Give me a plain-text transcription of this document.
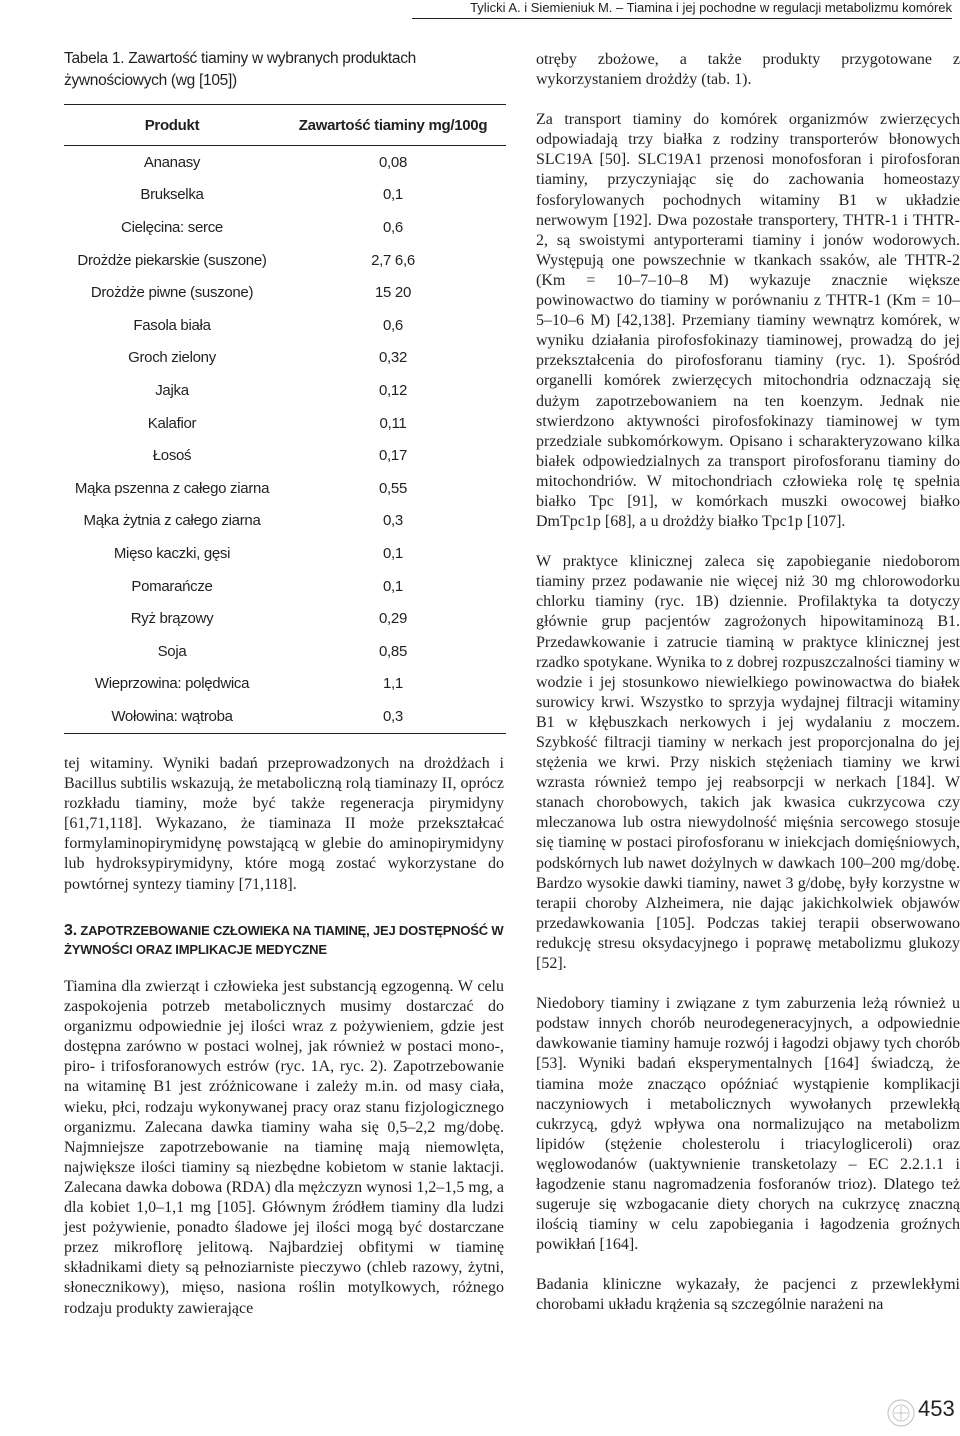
Tylicki A. i Siemieniuk M. – Tiamina i jej pochodne w regulacji metabolizmu komórek
Tabela 1. Zawartość tiaminy w wybranych produktach żywnościowych (wg [105])
Produkt	Zawartość tiaminy mg/100g
Ananasy	0,08
Brukselka	0,1
Cielęcina: serce	0,6
Drożdże piekarskie (suszone)	2,7 6,6
Drożdże piwne (suszone)	15 20
Fasola biała	0,6
Groch zielony	0,32
Jajka	0,12
Kalafior	0,11
Łosoś	0,17
Mąka pszenna z całego ziarna	0,55
Mąka żytnia z całego ziarna	0,3
Mięso kaczki, gęsi	0,1
Pomarańcze	0,1
Ryż brązowy	0,29
Soja	0,85
Wieprzowina: polędwica	1,1
Wołowina: wątroba	0,3

tej witaminy. Wyniki badań przeprowadzonych na drożdżach i Bacillus subtilis wskazują, że metaboliczną rolą tiaminazy II, oprócz rozkładu tiaminy, może być także regeneracja pirymidyny [61,71,118]. Wykazano, że tiaminaza II może przekształcać formylaminopirymidynę powstającą w glebie do aminopirymidyny lub hydroksypirymidyny, które mogą zostać wykorzystane do powtórnej syntezy tiaminy [71,118].

3. ZAPOTRZEBOWANIE CZŁOWIEKA NA TIAMINĘ, JEJ DOSTĘPNOŚĆ W ŻYWNOŚCI ORAZ IMPLIKACJE MEDYCZNE

Tiamina dla zwierząt i człowieka jest substancją egzogenną. W celu zaspokojenia potrzeb metabolicznych musimy dostarczać do organizmu odpowiednie jej ilości wraz z pożywieniem, gdzie jest dostępna zarówno w postaci wolnej, jak również w postaci mono-, piro- i trifosforanowych estrów (ryc. 1A, ryc. 2). Zapotrzebowanie na witaminę B1 jest zróżnicowane i zależy m.in. od masy ciała, wieku, płci, rodzaju wykonywanej pracy oraz stanu fizjologicznego organizmu. Zalecana dawka tiaminy waha się 0,5–2,2 mg/dobę. Najmniejsze zapotrzebowanie na tiaminę mają niemowlęta, największe ilości tiaminy są niezbędne kobietom w stanie laktacji. Zalecana dawka dobowa (RDA) dla mężczyzn wynosi 1,2–1,5 mg, a dla kobiet 1,0–1,1 mg [105]. Głównym źródłem tiaminy dla ludzi jest pożywienie, ponadto śladowe jej ilości mogą być dostarczane przez mikroflorę jelitową. Najbardziej obfitymi w tiaminę składnikami diety są pełnoziarniste pieczywo (chleb razowy, żytni, słonecznikowy), mięso, nasiona roślin motylkowych, różnego rodzaju produkty zawierające

otręby zbożowe, a także produkty przygotowane z wykorzystaniem drożdży (tab. 1).

Za transport tiaminy do komórek organizmów zwierzęcych odpowiadają trzy białka z rodziny transporterów błonowych SLC19A [50]. SLC19A1 przenosi monofosforan i pirofosforan tiaminy, przyczyniając się do zachowania homeostazy fosforylowanych pochodnych witaminy B1 w układzie nerwowym [192]. Dwa pozostałe transportery, THTR-1 i THTR-2, są swoistymi antyporterami tiaminy i jonów wodorowych. Występują one powszechnie w tkankach ssaków, ale THTR-2 (Km = 10–7–10–8 M) wykazuje znacznie większe powinowactwo do tiaminy w porównaniu z THTR-1 (Km = 10–5–10–6 M) [42,138]. Przemiany tiaminy wewnątrz komórek, w wyniku działania pirofosfokinazy tiaminowej, prowadzą do jej przekształcenia do pirofosforanu tiaminy (ryc. 1). Spośród organelli komórek zwierzęcych mitochondria odznaczają się dużym zapotrzebowaniem na ten koenzym. Jednak nie stwierdzono aktywności pirofosfokinazy tiaminowej w tym przedziale subkomórkowym. Opisano i scharakteryzowano kilka białek odpowiedzialnych za transport pirofosforanu tiaminy do mitochondriów. W mitochondriach człowieka rolę tę spełnia białko Tpc [91], w komórkach muszki owocowej białko DmTpc1p [68], a u drożdży białko Tpc1p [107].

W praktyce klinicznej zaleca się zapobieganie niedoborom tiaminy przez podawanie nie więcej niż 30 mg chlorowodorku chlorku tiaminy (ryc. 1B) dziennie. Profilaktyka ta dotyczy głównie grup pacjentów zagrożonych hipowitaminozą B1. Przedawkowanie i zatrucie tiaminą w praktyce klinicznej jest rzadko spotykane. Wynika to z dobrej rozpuszczalności tiaminy w wodzie i jej stosunkowo niewielkiego powinowactwa do białek surowicy krwi. Wszystko to sprzyja wydajnej filtracji witaminy B1 w kłębuszkach nerkowych i jej wydalaniu z moczem. Szybkość filtracji tiaminy w nerkach jest proporcjonalna do jej stężenia we krwi. Przy niskich stężeniach tiaminy we krwi wzrasta również tempo jej reabsorpcji w nerkach [184]. W stanach chorobowych, takich jak kwasica cukrzycowa czy mleczanowa lub ostra niewydolność mięśnia sercowego stosuje się tiaminę w postaci pirofosforanu w iniekcjach domięśniowych, podskórnych lub nawet dożylnych w dawkach 100–200 mg/dobę. Bardzo wysokie dawki tiaminy, nawet 3 g/dobę, były korzystne w terapii choroby Alzheimera, nie dając jakichkolwiek objawów przedawkowania [105]. Podczas takiej terapii obserwowano redukcję stresu oksydacyjnego i poprawę metabolizmu glukozy [52].

Niedobory tiaminy i związane z tym zaburzenia leżą również u podstaw innych chorób neurodegeneracyjnych, a odpowiednie dawkowanie tiaminy hamuje rozwój i łagodzi objawy tych chorób [53]. Wyniki badań eksperymentalnych [164] świadczą, że tiamina może znacząco opóźniać wystąpienie komplikacji naczyniowych i metabolicznych wywołanych przewlekłą cukrzycą, gdyż wpływa ona normalizująco na metabolizm lipidów (stężenie cholesterolu i triacylogliceroli) oraz węglowodanów (uaktywnienie transketolazy – EC 2.2.1.1 i łagodzenie stanu nagromadzenia fosforanów trioz). Dlatego też sugeruje się wzbogacanie diety chorych na cukrzycę znaczną ilością tiaminy w celu zapobiegania i łagodzenia groźnych powikłań [164].

Badania kliniczne wykazały, że pacjenci z przewlekłymi chorobami układu krążenia są szczególnie narażeni na

453
